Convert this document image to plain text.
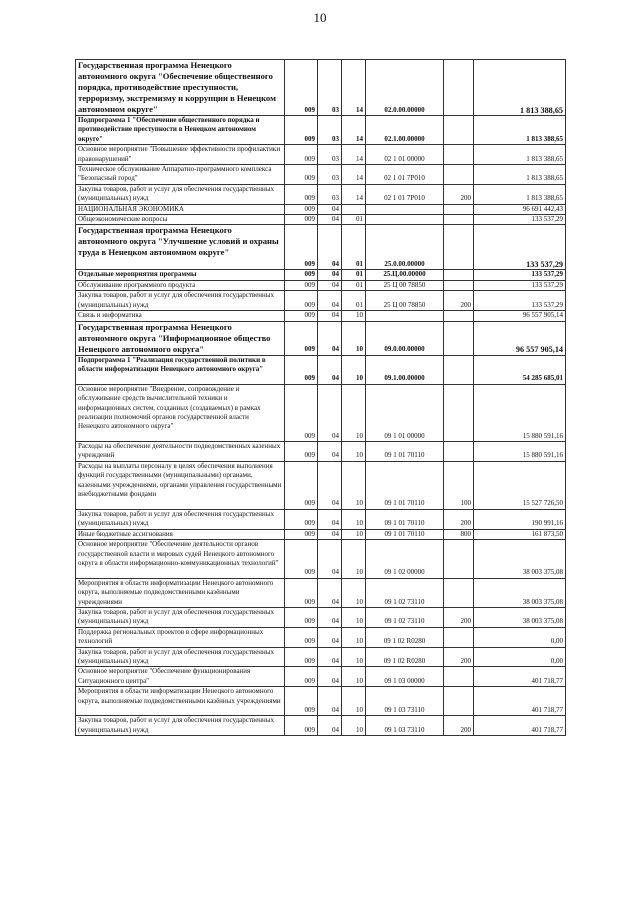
10
Государственная программа Ненецкого автономного округа "Обеспечение общественного порядка, противодействие преступности, терроризму, экстремизму и коррупции в Ненецком автономном округе"	009	03	14	02.0.00.00000		1 813 388,65
Подпрограмма 1 "Обеспечение общественного порядка и противодействие преступности в Ненецком автономном округе"	009	03	14	02.1.00.00000		1 813 388,65
Основное мероприятие "Повышение эффективности профилактики правонарушений"	009	03	14	02 1 01 00000		1 813 388,65
Техническое обслуживание Аппаратно-программного комплекса "Безопасный город"	009	03	14	02 1 01 7Р010		1 813 388,65
Закупка товаров, работ и услуг для обеспечения государственных (муниципальных) нужд	009	03	14	02 1 01 7Р010	200	1 813 388,65
НАЦИОНАЛЬНАЯ ЭКОНОМИКА	009	04				96 691 442,43
Общеэкономические вопросы	009	04	01			133 537,29
Государственная программа Ненецкого автономного округа "Улучшение условий и охраны труда в Ненецком автономном округе"	009	04	01	25.0.00.00000		133 537,29
Отдельные мероприятия программы	009	04	01	25.Ц.00.00000		133 537,29
Обслуживание программного продукта	009	04	01	25 Ц 00 78850		133 537,29
Закупка товаров, работ и услуг для обеспечения государственных (муниципальных) нужд	009	04	01	25 Ц 00 78850	200	133 537,29
Связь и информатика	009	04	10			96 557 905,14
Государственная программа Ненецкого автономного округа "Информационное общество Ненецкого автономного округа"	009	04	10	09.0.00.00000		96 557 905,14
Подпрограмма 1 "Реализация государственной политики в области информатизации Ненецкого автономного округа"	009	04	10	09.1.00.00000		54 285 685,01
Основное мероприятие "Внедрение, сопровождение и обслуживание средств вычислительной техники и информационных систем, созданных (создаваемых) в рамках реализации полномочий органов государственной власти Ненецкого автономного округа"	009	04	10	09 1 01 00000		15 880 591,16
Расходы на обеспечение деятельности подведомственных казенных учреждений	009	04	10	09 1 01 70110		15 880 591,16
Расходы на выплаты персоналу в целях обеспечения выполнения функций государственными (муниципальными) органами, казенными учреждениями, органами управления государственными внебюджетными фондами	009	04	10	09 1 01 70110	100	15 527 726,50
Закупка товаров, работ и услуг для обеспечения государственных (муниципальных) нужд	009	04	10	09 1 01 70110	200	190 991,16
Иные бюджетные ассигнования	009	04	10	09 1 01 70110	800	161 873,50
Основное мероприятие "Обеспечение деятельности органов государственной власти и мировых судей Ненецкого автономного округа в области информационно-коммуникационных технологий"	009	04	10	09 1 02 00000		38 003 375,08
Мероприятия в области информатизации Ненецкого автономного округа, выполняемые подведомственными казёнными учреждениями	009	04	10	09 1 02 73110		38 003 375,08
Закупка товаров, работ и услуг для обеспечения государственных (муниципальных) нужд	009	04	10	09 1 02 73110	200	38 003 375,08
Поддержка региональных проектов в сфере информационных технологий	009	04	10	09 1 02 R0280		0,00
Закупка товаров, работ и услуг для обеспечения государственных (муниципальных) нужд	009	04	10	09 1 02 R0280	200	0,00
Основное мероприятие "Обеспечение функционирования Ситуационного центра"	009	04	10	09 1 03 00000		401 718,77
Мероприятия в области информатизации Ненецкого автономного округа, выполняемые подведомственными казённых учреждениями	009	04	10	09 1 03 73110		401 718,77
Закупка товаров, работ и услуг для обеспечения государственных (муниципальных) нужд	009	04	10	09 1 03 73110	200	401 718,77
